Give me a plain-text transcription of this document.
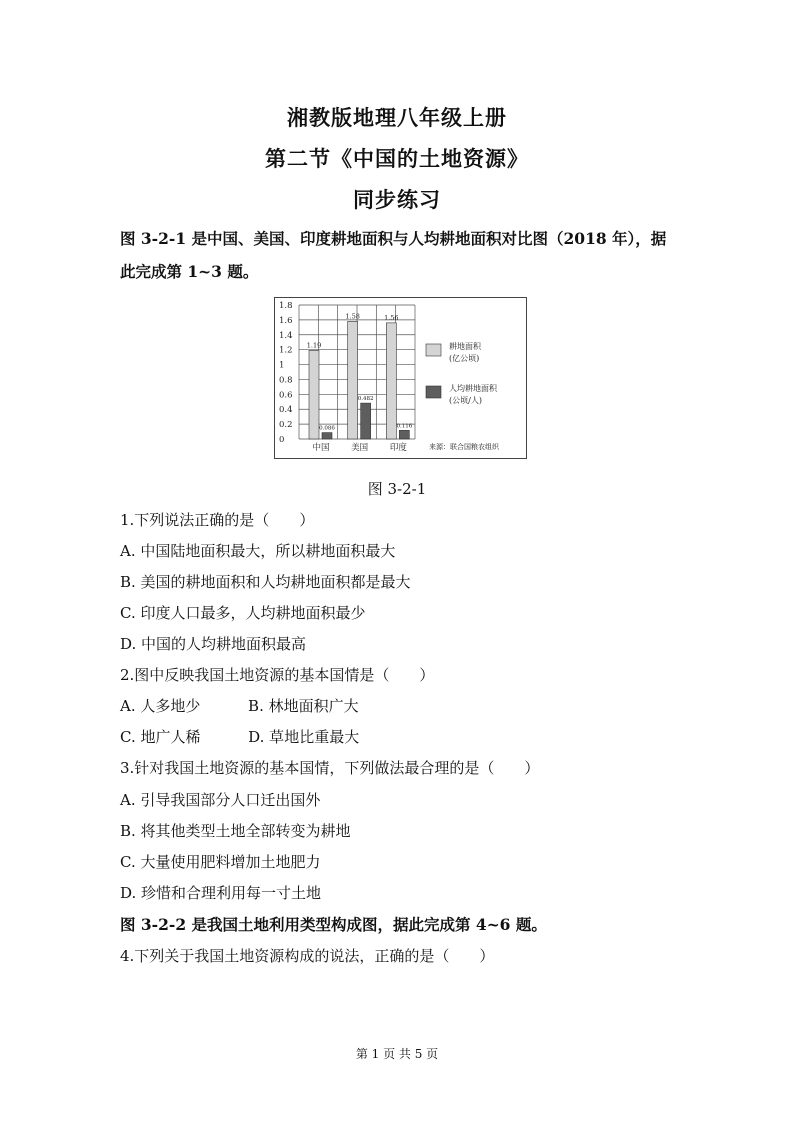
湘教版地理八年级上册
第二节《中国的土地资源》
同步练习
图 3-2-1 是中国、美国、印度耕地面积与人均耕地面积对比图（2018 年），据此完成第 1~3 题。
0
0.2
0.4
0.6
0.8
1
1.2
1.4
1.6
1.8
1.19
0.086
中国
1.58
0.482
美国
1.56
0.116
印度
耕地面积
(亿公顷)
人均耕地面积
(公顷/人)
来源：联合国粮农组织
图 3-2-1
1.下列说法正确的是（　　）
A. 中国陆地面积最大，所以耕地面积最大
B. 美国的耕地面积和人均耕地面积都是最大
C. 印度人口最多，人均耕地面积最少
D. 中国的人均耕地面积最高
2.图中反映我国土地资源的基本国情是（　　）
A. 人多地少          B. 林地面积广大
C. 地广人稀          D. 草地比重最大
3.针对我国土地资源的基本国情，下列做法最合理的是（　　）
A. 引导我国部分人口迁出国外
B. 将其他类型土地全部转变为耕地
C. 大量使用肥料增加土地肥力
D. 珍惜和合理利用每一寸土地
图 3-2-2 是我国土地利用类型构成图，据此完成第 4~6 题。
4.下列关于我国土地资源构成的说法，正确的是（　　）
第 1 页 共 5 页
